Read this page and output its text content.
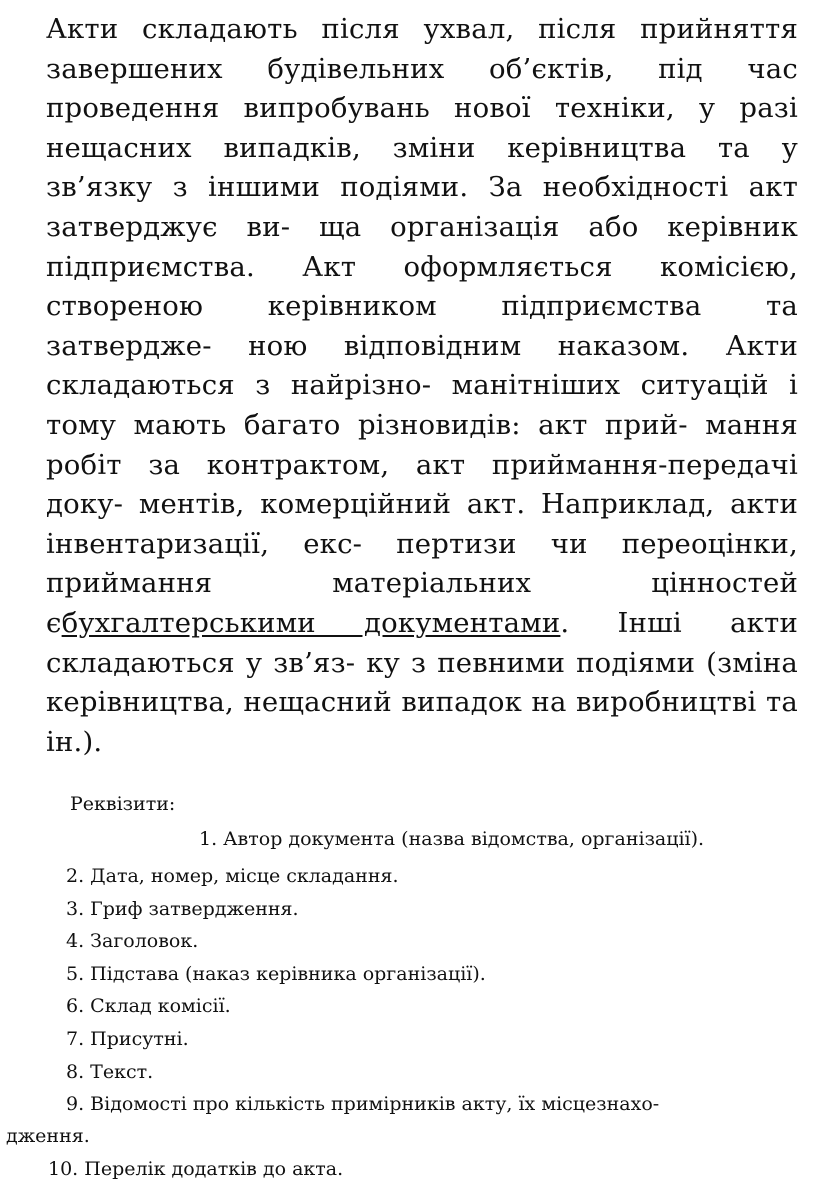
Акти складають після ухвал, після прийняття завершених будівельних об’єктів, під час проведення випробувань нової техніки, у разі нещасних випадків, зміни керівництва та у зв’язку з іншими подіями. За необхідності акт затверджує ви- ща організація або керівник підприємства. Акт оформляється комісією, створеною керівником підприємства та затвердже- ною відповідним наказом. Акти складаються з найрізно- манітніших ситуацій і тому мають багато різновидів: акт прий- мання робіт за контрактом, акт приймання-передачі доку- ментів, комерційний акт. Наприклад, акти інвентаризації, екс- пертизи чи переоцінки, приймання матеріальних цінностей єбухгалтерськими документами. Інші акти складаються у зв’яз- ку з певними подіями (зміна керівництва, нещасний випадок на виробництві та ін.).

Реквізити:

1. Автор документа (назва відомства, організації).
2. Дата, номер, місце складання.
3. Гриф затвердження.
4. Заголовок.
5. Підстава (наказ керівника організації).
6. Склад комісії.
7. Присутні.
8. Текст.
9. Відомості про кількість примірників акту, їх місцезнахо-
дження.
10. Перелік додатків до акта.
